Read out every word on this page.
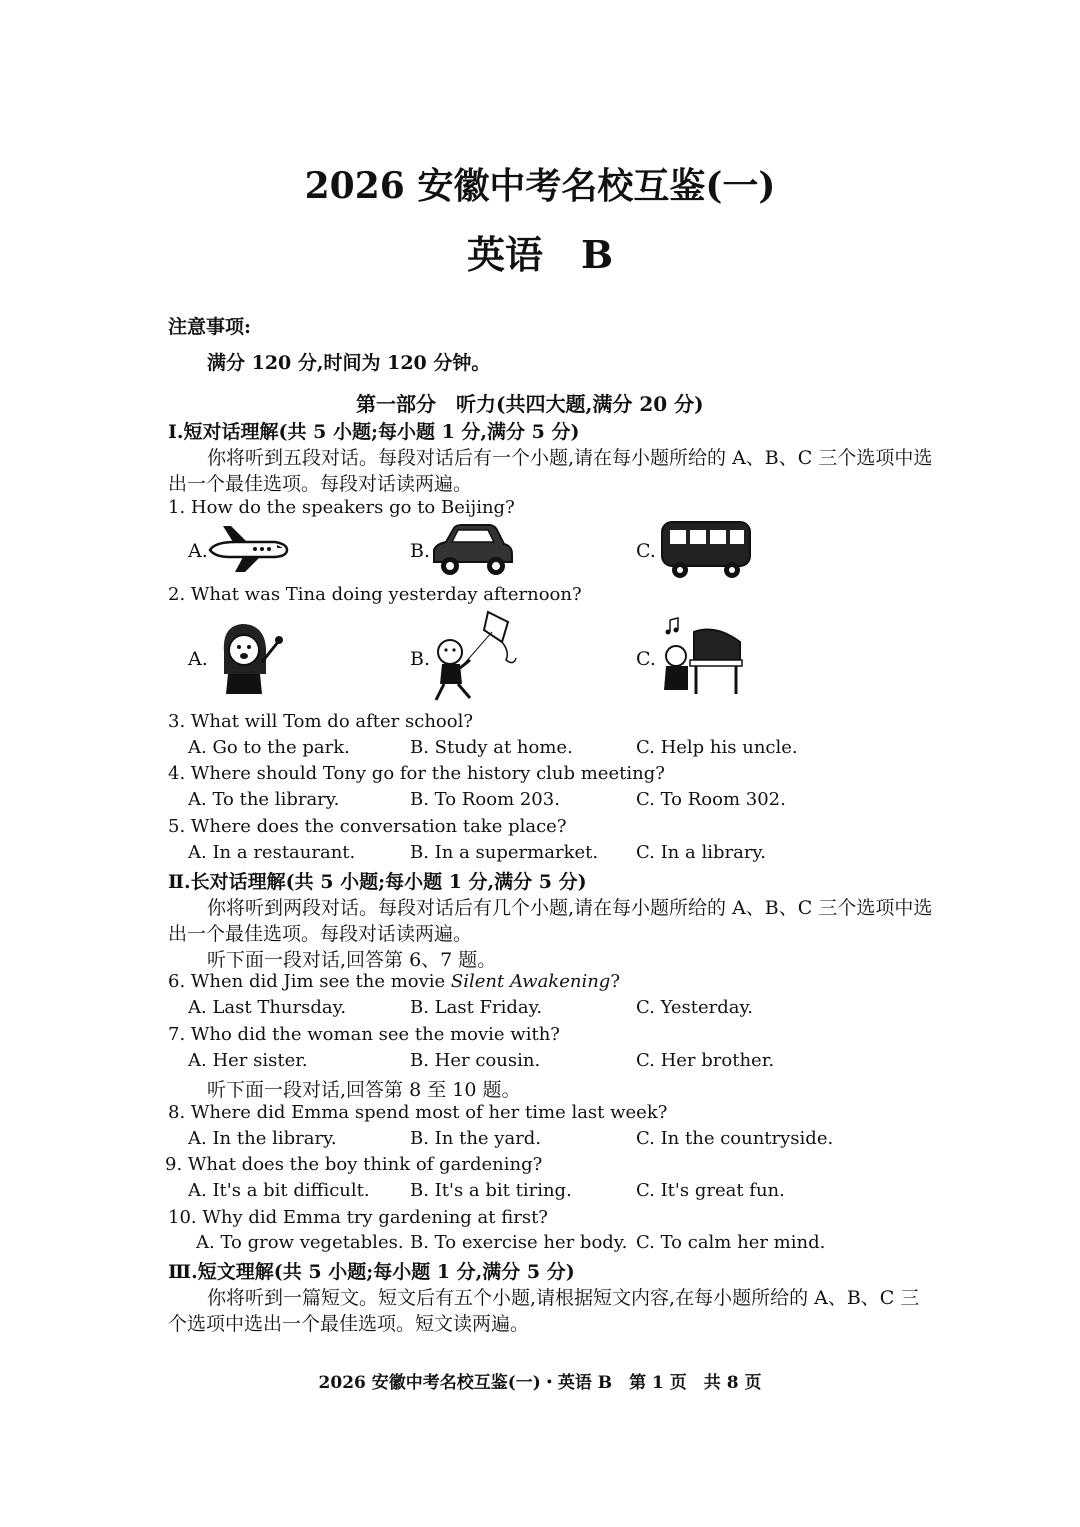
2026 安徽中考名校互鉴(一)
英语　B
注意事项:
满分 120 分,时间为 120 分钟。
第一部分　听力(共四大题,满分 20 分)
Ⅰ.短对话理解(共 5 小题;每小题 1 分,满分 5 分)
你将听到五段对话。每段对话后有一个小题,请在每小题所给的 A、B、C 三个选项中选
出一个最佳选项。每段对话读两遍。
1. How do the speakers go to Beijing?
A.	B.	C.
2. What was Tina doing yesterday afternoon?
A.	B.	C.
3. What will Tom do after school?
A. Go to the park.	B. Study at home.	C. Help his uncle.
4. Where should Tony go for the history club meeting?
A. To the library.	B. To Room 203.	C. To Room 302.
5. Where does the conversation take place?
A. In a restaurant.	B. In a supermarket. C. In a library.
Ⅱ.长对话理解(共 5 小题;每小题 1 分,满分 5 分)
你将听到两段对话。每段对话后有几个小题,请在每小题所给的 A、B、C 三个选项中选
出一个最佳选项。每段对话读两遍。
听下面一段对话,回答第 6、7 题。
6. When did Jim see the movie Silent Awakening?
A. Last Thursday.	B. Last Friday.	C. Yesterday.
7. Who did the woman see the movie with?
A. Her sister.	B. Her cousin.	C. Her brother.
听下面一段对话,回答第 8 至 10 题。
8. Where did Emma spend most of her time last week?
A. In the library.	B. In the yard.	C. In the countryside.
9. What does the boy think of gardening?
A. It's a bit difficult. B. It's a bit tiring.	C. It's great fun.
10. Why did Emma try gardening at first?
A. To grow vegetables. B. To exercise her body. C. To calm her mind.
Ⅲ.短文理解(共 5 小题;每小题 1 分,满分 5 分)
你将听到一篇短文。短文后有五个小题,请根据短文内容,在每小题所给的 A、B、C 三
个选项中选出一个最佳选项。短文读两遍。
2026 安徽中考名校互鉴(一)・英语 B　第 1 页　共 8 页
